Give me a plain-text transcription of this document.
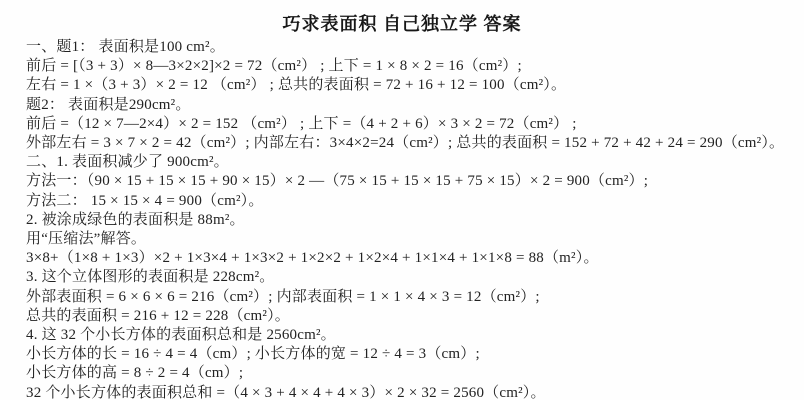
巧求表面积 自己独立学 答案

一、题1： 表面积是100 cm²。

前后 = [（3 + 3）× 8—3×2×2]×2 = 72（cm²） ; 上下 = 1 × 8 × 2 = 16（cm²）;

左右 = 1 ×（3 + 3）× 2 = 12 （cm²） ; 总共的表面积 = 72 + 16 + 12 = 100（cm²）。

题2： 表面积是290cm²。

前后 =（12 × 7—2×4）× 2 = 152 （cm²） ; 上下 =（4 + 2 + 6）× 3 × 2 = 72（cm²） ;

外部左右 = 3 × 7 × 2 = 42（cm²）; 内部左右：3×4×2=24（cm²）; 总共的表面积 = 152 + 72 + 42 + 24 = 290（cm²）。

二、1. 表面积减少了 900cm²。

方法一：（90 × 15 + 15 × 15 + 90 × 15）× 2 —（75 × 15 + 15 × 15 + 75 × 15）× 2 = 900（cm²）;

方法二： 15 × 15 × 4 = 900（cm²）。

2. 被涂成绿色的表面积是 88m²。

用“压缩法”解答。

3×8+（1×8 + 1×3）×2 + 1×3×4 + 1×3×2 + 1×2×2 + 1×2×4 + 1×1×4 + 1×1×8 = 88（m²）。

3. 这个立体图形的表面积是 228cm²。

外部表面积 = 6 × 6 × 6 = 216（cm²）; 内部表面积 = 1 × 1 × 4 × 3 = 12（cm²）;

总共的表面积 = 216 + 12 = 228（cm²）。

4. 这 32 个小长方体的表面积总和是 2560cm²。

小长方体的长 = 16 ÷ 4 = 4（cm）; 小长方体的宽 = 12 ÷ 4 = 3（cm）;

小长方体的高 = 8 ÷ 2 = 4（cm）;

32 个小长方体的表面积总和 =（4 × 3 + 4 × 4 + 4 × 3）× 2 × 32 = 2560（cm²）。
